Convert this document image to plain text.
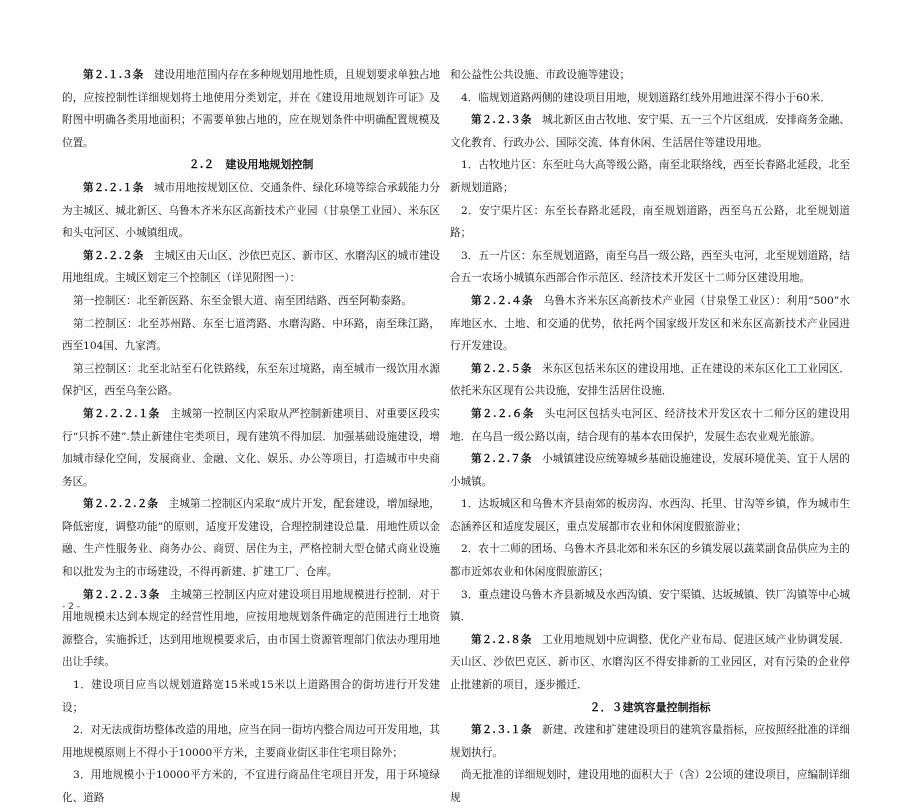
第２.１.３条　 建设用地范围内存在多种规划用地性质，且规划要求单独占地的，应按控制性详细规划将土地使用分类划定，并在《建设用地规划许可证》及附图中明确各类用地面积；不需要单独占地的，应在规划条件中明确配置规模及位置。

２.２　建设用地规划控制

第２.２.１条　 城市用地按规划区位、交通条件、绿化环境等综合承载能力分为主城区、城北新区、乌鲁木齐米东区高新技术产业园（甘泉堡工业园）、米东区和头屯河区、小城镇组成。

第２.２.２条　 主城区由天山区、沙依巴克区、新市区、水磨沟区的城市建设用地组成。主城区划定三个控制区（详见附图一）：

第一控制区：北至新医路、东至金银大道、南至团结路、西至阿勒泰路。

第二控制区：北至苏州路、东至七道湾路、水磨沟路、中环路，南至珠江路，西至104国、九家湾。

第三控制区：北至北站至石化铁路线，东至东过境路，南至城市一级饮用水源保护区，西至乌奎公路。

第２.２.２.１条　 主城第一控制区内采取从严控制新建项目、对重要区段实行“只拆不建”.禁止新建住宅类项目，现有建筑不得加层．加强基础设施建设，增加城市绿化空间，发展商业、金融、文化、娱乐、办公等项目，打造城市中央商务区。

第２.２.２.２条　 主城第二控制区内采取“成片开发，配套建设，增加绿地，降低密度，调整功能”的原则，适度开发建设，合理控制建设总量．用地性质以金融、生产性服务业、商务办公、商贸、居住为主，严格控制大型仓储式商业设施和以批发为主的市场建设，不得再新建、扩建工厂、仓库。

第２.２.２.３条　 主城第三控制区内应对建设项目用地规模进行控制．对于用地规模未达到本规定的经营性用地，应按用地规划条件确定的范围进行土地资源整合，实施拆迁，达到用地规模要求后，由市国土资源管理部门依法办理用地出让手续。

1．建设项目应当以规划道路宽15米或15米以上道路围合的街坊进行开发建设；

2．对无法成街坊整体改造的用地，应当在同一街坊内整合周边可开发用地，其用地规模原则上不得小于10000平方米，主要商业街区非住宅项目除外；

3．用地规模小于10000平方米的，不宜进行商品住宅项目开发，用于环境绿化、道路

和公益性公共设施、市政设施等建设；

4．临规划道路两侧的建设项目用地，规划道路红线外用地进深不得小于60米．

第２.２.３条　 城北新区由古牧地、安宁渠、五一三个片区组成．安排商务金融、文化教育、行政办公、国际交流、体育休闲、生活居住等建设用地。

1．古牧地片区：东至吐乌大高等级公路，南至北联络线，西至长春路北延段，北至新规划道路；

2．安宁渠片区：东至长春路北延段，南至规划道路，西至乌五公路，北至规划道路；

3．五一片区：东至规划道路，南至乌昌一级公路，西至头屯河，北至规划道路，结合五一农场小城镇东西部合作示范区、经济技术开发区十二师分区建设用地。

第２.２.４条　 乌鲁木齐米东区高新技术产业园（甘泉堡工业区）：利用“500”水库地区水、土地、和交通的优势，依托两个国家级开发区和米东区高新技术产业园进行开发建设。

第２.２.５条　 米东区包括米东区的建设用地、正在建设的米东区化工工业园区．依托米东区现有公共设施，安排生活居住设施．

第２.２.６条　 头屯河区包括头屯河区、经济技术开发区农十二师分区的建设用地．在乌昌一级公路以南，结合现有的基本农田保护，发展生态农业观光旅游。

第２.２.７条　 小城镇建设应统筹城乡基础设施建设，发展环境优美、宜于人居的小城镇。

1．达坂城区和乌鲁木齐县南郊的板房沟、水西沟、托里、甘沟等乡镇，作为城市生态涵养区和适度发展区，重点发展都市农业和休闲度假旅游业；

2．农十二师的团场、乌鲁木齐县北郊和米东区的乡镇发展以蔬菜副食品供应为主的都市近郊农业和休闲度假旅游区；

3．重点建设乌鲁木齐县新城及水西沟镇、安宁渠镇、达坂城镇、铁厂沟镇等中心城镇．

第２.２.８条　 工业用地规划中应调整、优化产业布局、促进区域产业协调发展．天山区、沙依巴克区、新市区、水磨沟区不得安排新的工业园区，对有污染的企业停止批建新的项目，逐步搬迁．

２．３建筑容量控制指标

第２.３.１条　 新建、改建和扩建建设项目的建筑容量指标，应按照经批准的详细规划执行。

尚无批准的详细规划时，建设用地的面积大于（含）2公顷的建设项目，应编制详细规

- 2 -
